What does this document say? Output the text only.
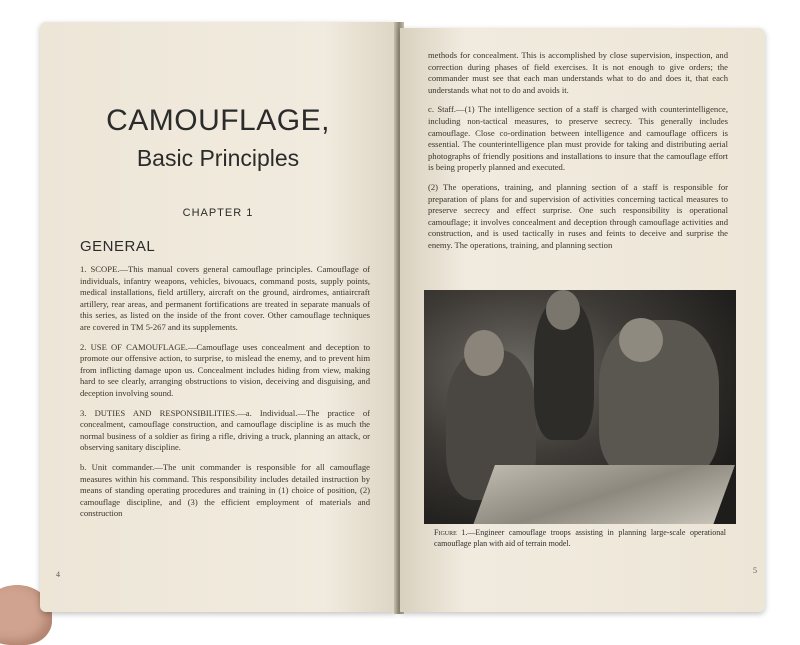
CAMOUFLAGE,
Basic Principles
CHAPTER 1
GENERAL

1. SCOPE.—This manual covers general camouflage principles. Camouflage of individuals, infantry weapons, vehicles, bivouacs, command posts, supply points, medical installations, field artillery, aircraft on the ground, airdromes, antiaircraft artillery, rear areas, and permanent fortifications are treated in separate manuals of this series, as listed on the inside of the front cover. Other camouflage techniques are covered in TM 5-267 and its supplements.

2. USE OF CAMOUFLAGE.—Camouflage uses concealment and deception to promote our offensive action, to surprise, to mislead the enemy, and to prevent him from inflicting damage upon us. Concealment includes hiding from view, making hard to see clearly, arranging obstructions to vision, deceiving and disguising, and deception involving sound.

3. DUTIES AND RESPONSIBILITIES.—a. Individual.—The practice of concealment, camouflage construction, and camouflage discipline is as much the normal business of a soldier as firing a rifle, driving a truck, planning an attack, or observing sanitary discipline.

b. Unit commander.—The unit commander is responsible for all camouflage measures within his command. This responsibility includes detailed instruction by means of standing operating procedures and training in (1) choice of position, (2) camouflage discipline, and (3) the efficient employment of materials and construction

4

methods for concealment. This is accomplished by close supervision, inspection, and correction during phases of field exercises. It is not enough to give orders; the commander must see that each man understands what to do and does it, that each understands what not to do and avoids it.

c. Staff.—(1) The intelligence section of a staff is charged with counterintelligence, including non-tactical measures, to preserve secrecy. This generally includes camouflage. Close co-ordination between intelligence and camouflage officers is essential. The counterintelligence plan must provide for taking and distributing aerial photographs of friendly positions and installations to insure that the camouflage effort is being properly planned and executed.

(2) The operations, training, and planning section of a staff is responsible for preparation of plans for and supervision of activities concerning tactical measures to preserve secrecy and effect surprise. One such responsibility is operational camouflage; it involves concealment and deception through camouflage activities and construction, and is used tactically in ruses and feints to deceive and surprise the enemy. The operations, training, and planning section

Figure 1.—Engineer camouflage troops assisting in planning large-scale operational camouflage plan with aid of terrain model.
5
